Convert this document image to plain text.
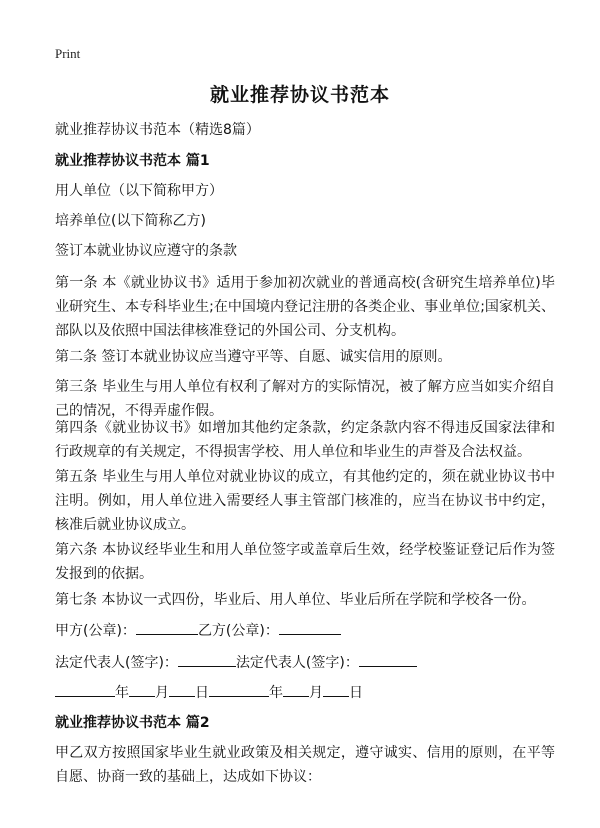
Print
就业推荐协议书范本
就业推荐协议书范本（精选8篇）
就业推荐协议书范本 篇1
用人单位（以下简称甲方）
培养单位(以下简称乙方)
签订本就业协议应遵守的条款
第一条 本《就业协议书》适用于参加初次就业的普通高校(含研究生培养单位)毕业研究生、本专科毕业生;在中国境内登记注册的各类企业、事业单位;国家机关、部队以及依照中国法律核准登记的外国公司、分支机构。
第二条 签订本就业协议应当遵守平等、自愿、诚实信用的原则。
第三条 毕业生与用人单位有权利了解对方的实际情况，被了解方应当如实介绍自己的情况，不得弄虚作假。
第四条《就业协议书》如增加其他约定条款，约定条款内容不得违反国家法律和行政规章的有关规定，不得损害学校、用人单位和毕业生的声誉及合法权益。
第五条 毕业生与用人单位对就业协议的成立，有其他约定的，须在就业协议书中注明。例如，用人单位进入需要经人事主管部门核准的，应当在协议书中约定，核准后就业协议成立。
第六条 本协议经毕业生和用人单位签字或盖章后生效，经学校鉴证登记后作为签发报到的依据。
第七条 本协议一式四份，毕业后、用人单位、毕业后所在学院和学校各一份。
甲方(公章)：	乙方(公章)：
法定代表人(签字)：	法定代表人(签字)：
年 月 日	年 月 日
就业推荐协议书范本 篇2
甲乙双方按照国家毕业生就业政策及相关规定，遵守诚实、信用的原则，在平等自愿、协商一致的基础上，达成如下协议：
